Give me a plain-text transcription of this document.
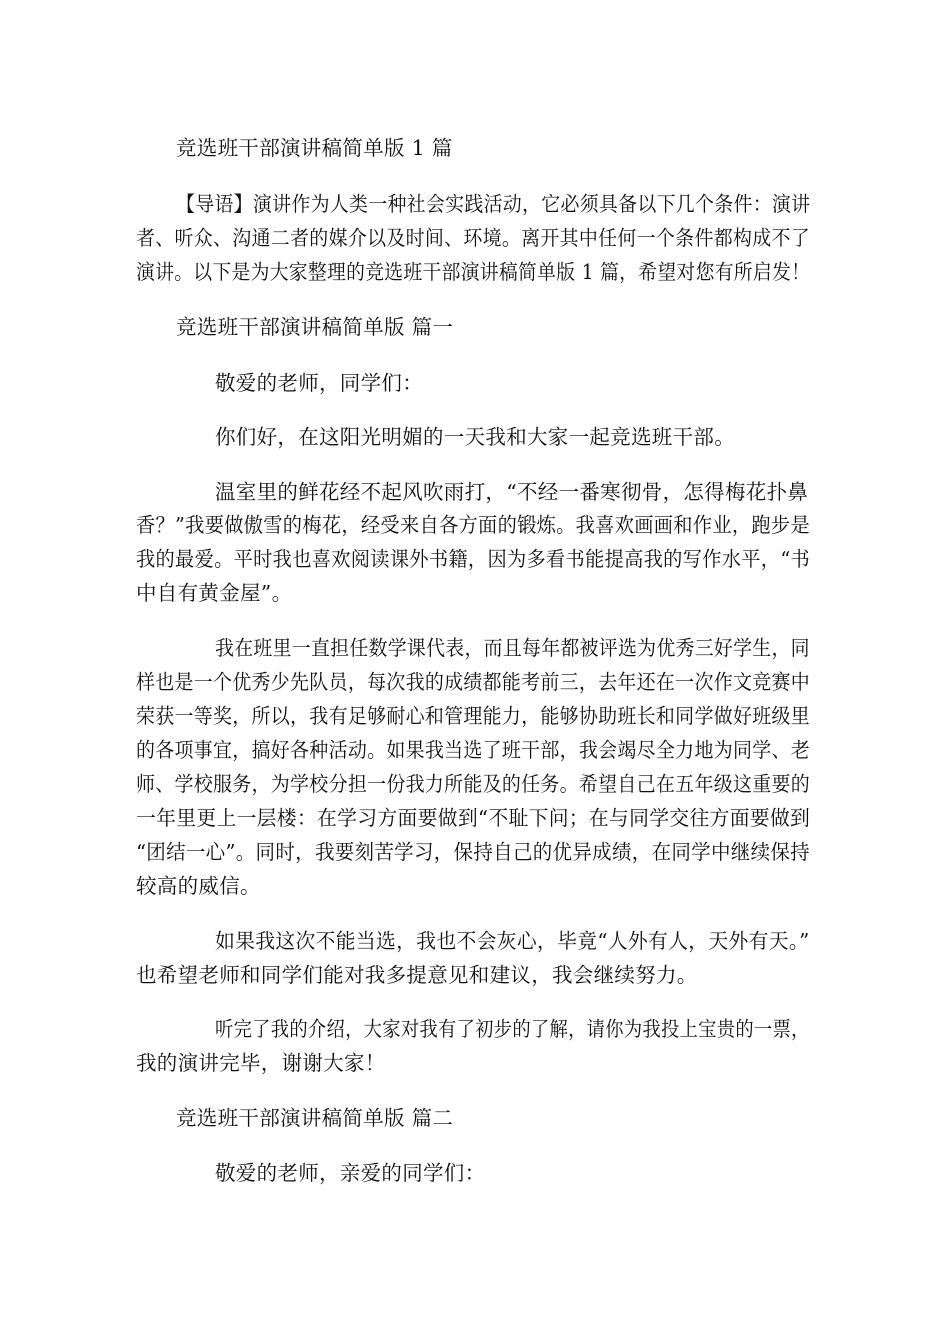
竞选班干部演讲稿简单版 1 篇
【导语】演讲作为人类一种社会实践活动，它必须具备以下几个条件：演讲
者、听众、沟通二者的媒介以及时间、环境。离开其中任何一个条件都构成不了
演讲。以下是为大家整理的竞选班干部演讲稿简单版 1 篇，希望对您有所启发！
竞选班干部演讲稿简单版 篇一
敬爱的老师，同学们：
你们好，在这阳光明媚的一天我和大家一起竞选班干部。
温室里的鲜花经不起风吹雨打，“不经一番寒彻骨，怎得梅花扑鼻
香？”我要做傲雪的梅花，经受来自各方面的锻炼。我喜欢画画和作业，跑步是
我的最爱。平时我也喜欢阅读课外书籍，因为多看书能提高我的写作水平，“书
中自有黄金屋”。
我在班里一直担任数学课代表，而且每年都被评选为优秀三好学生，同
样也是一个优秀少先队员，每次我的成绩都能考前三，去年还在一次作文竞赛中
荣获一等奖，所以，我有足够耐心和管理能力，能够协助班长和同学做好班级里
的各项事宜，搞好各种活动。如果我当选了班干部，我会竭尽全力地为同学、老
师、学校服务，为学校分担一份我力所能及的任务。希望自己在五年级这重要的
一年里更上一层楼：在学习方面要做到“不耻下问；在与同学交往方面要做到
“团结一心”。同时，我要刻苦学习，保持自己的优异成绩，在同学中继续保持
较高的威信。
如果我这次不能当选，我也不会灰心，毕竟“人外有人，天外有天。”
也希望老师和同学们能对我多提意见和建议，我会继续努力。
听完了我的介绍，大家对我有了初步的了解，请你为我投上宝贵的一票，
我的演讲完毕，谢谢大家！
竞选班干部演讲稿简单版 篇二
敬爱的老师，亲爱的同学们：
